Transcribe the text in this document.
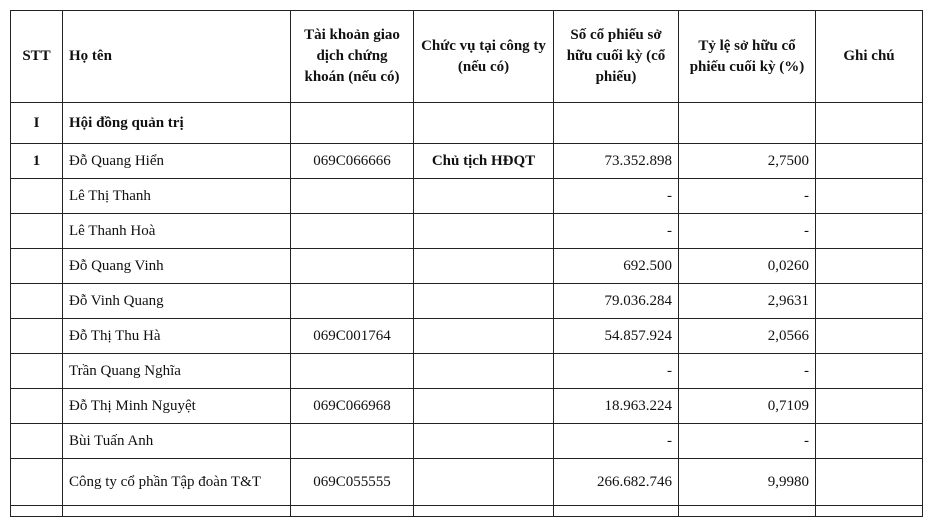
STT	Họ tên	Tài khoản giao dịch chứng khoán (nếu có)	Chức vụ tại công ty (nếu có)	Số cổ phiếu sở hữu cuối kỳ (cổ phiếu)	Tỷ lệ sở hữu cổ phiếu cuối kỳ (%)	Ghi chú
I	Hội đồng quản trị					
1	Đỗ Quang Hiển	069C066666	Chủ tịch HĐQT	73.352.898	2,7500	
	Lê Thị Thanh			-	-	
	Lê Thanh Hoà			-	-	
	Đỗ Quang Vinh			692.500	0,0260	
	Đỗ Vinh Quang			79.036.284	2,9631	
	Đỗ Thị Thu Hà	069C001764		54.857.924	2,0566	
	Trần Quang Nghĩa			-	-	
	Đỗ Thị Minh Nguyệt	069C066968		18.963.224	0,7109	
	Bùi Tuấn Anh			-	-	
	Công ty cổ phần Tập đoàn T&T	069C055555		266.682.746	9,9980	
